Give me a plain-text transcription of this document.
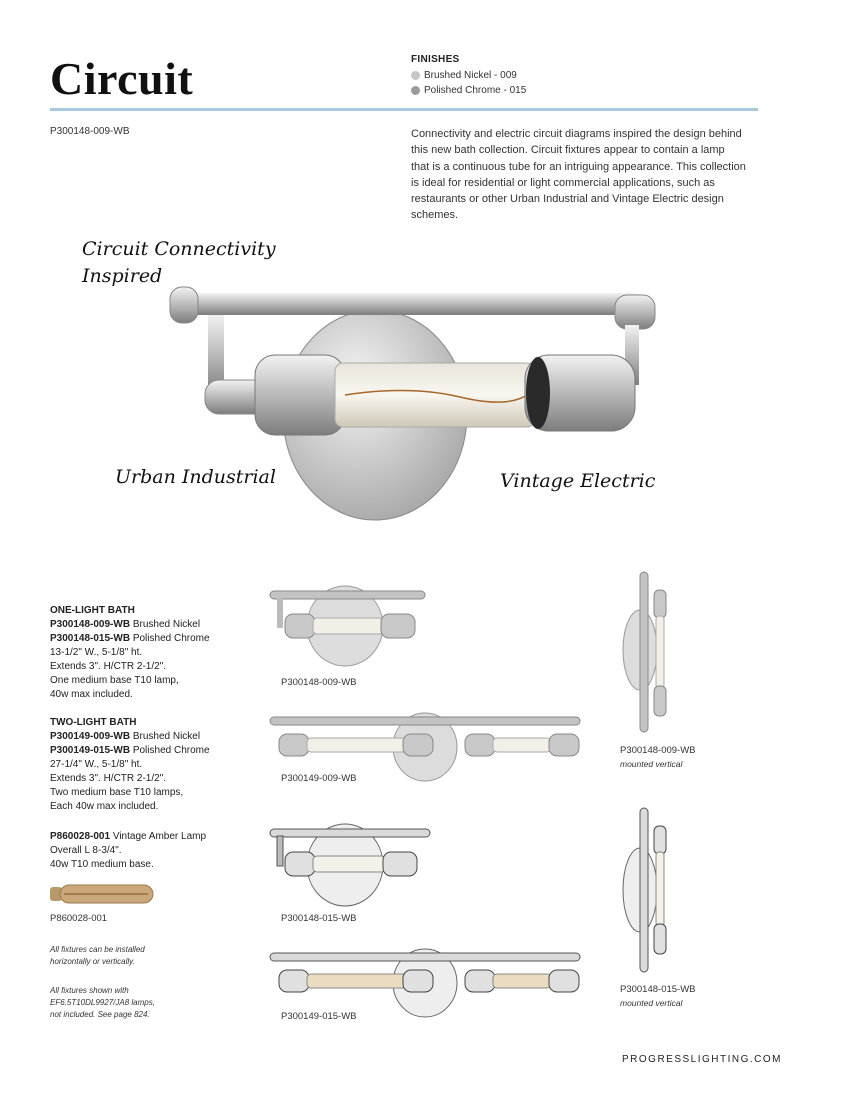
Circuit	FINISHES
Brushed Nickel - 009
Polished Chrome - 015
P300148-009-WB	Connectivity and electric circuit diagrams inspired the design behind this new bath collection. Circuit fixtures appear to contain a lamp that is a continuous tube for an intriguing appearance. This collection is ideal for residential or light commercial applications, such as restaurants or other Urban Industrial and Vintage Electric design schemes.
Circuit Connectivity
Inspired
Urban Industrial	Vintage Electric
ONE-LIGHT BATH
P300148-009-WB Brushed Nickel
P300148-015-WB Polished Chrome
13-1/2" W., 5-1/8" ht.
Extends 3". H/CTR 2-1/2".
One medium base T10 lamp,
40w max included.
TWO-LIGHT BATH
P300149-009-WB Brushed Nickel
P300149-015-WB Polished Chrome
27-1/4" W., 5-1/8" ht.
Extends 3". H/CTR 2-1/2".
Two medium base T10 lamps,
Each 40w max included.
P860028-001 Vintage Amber Lamp
Overall L 8-3/4".
40w T10 medium base.
P860028-001
All fixtures can be installed
horizontally or vertically.
All fixtures shown with
EF6.5T10DL9927/JA8 lamps,
not included. See page 824.
P300148-009-WB
P300149-009-WB
P300148-015-WB
P300149-015-WB
P300148-009-WB
mounted vertical
P300148-015-WB
mounted vertical
PROGRESSLIGHTING.COM
